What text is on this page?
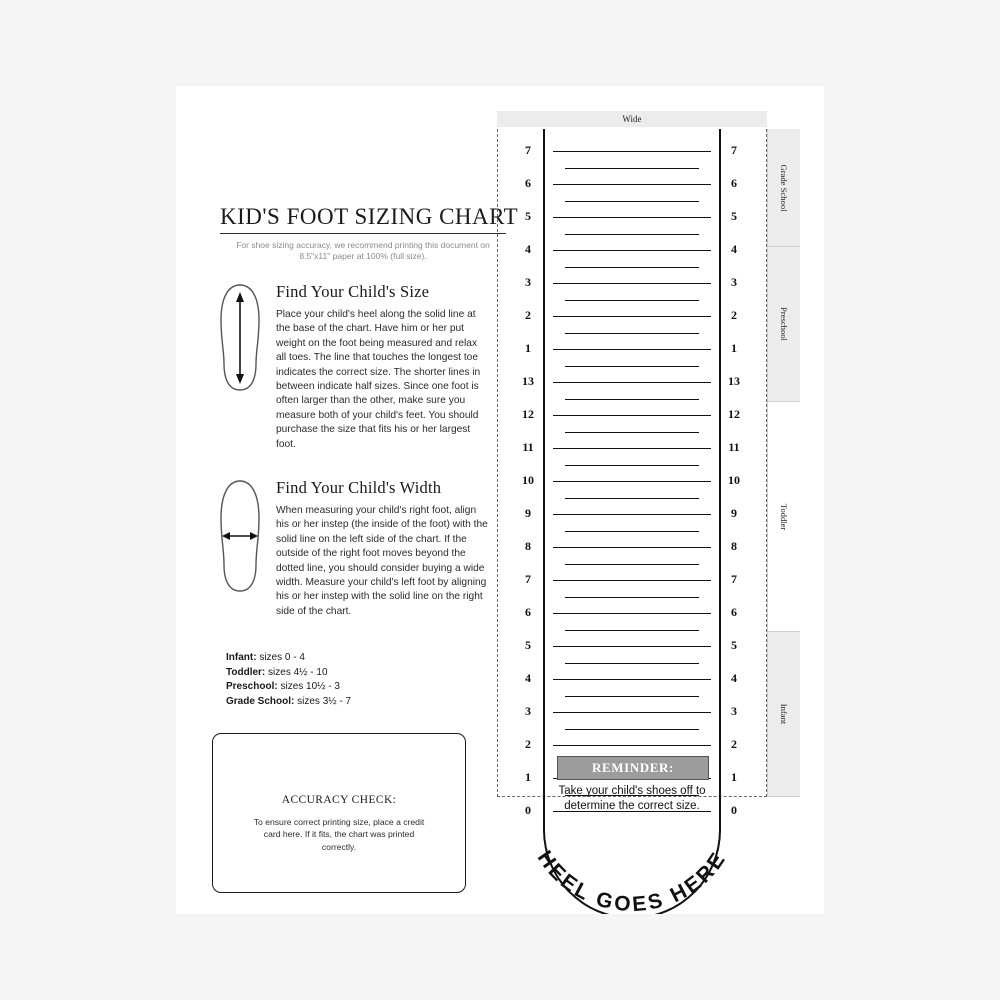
KID'S FOOT SIZING CHART
For shoe sizing accuracy, we recommend printing this document on 8.5"x11" paper at 100% (full size).
Find Your Child's Size
Place your child's heel along the solid line at the base of the chart. Have him or her put weight on the foot being measured and relax all toes. The line that touches the longest toe indicates the correct size. The shorter lines in between indicate half sizes. Since one foot is often larger than the other, make sure you measure both of your child's feet. You should purchase the size that fits his or her largest foot.
Find Your Child's Width
When measuring your child's right foot, align his or her instep (the inside of the foot) with the solid line on the left side of the chart. If the outside of the right foot moves beyond the dotted line, you should consider buying a wide width. Measure your child's left foot by aligning his or her instep with the solid line on the right side of the chart.
Infant: sizes 0 - 4
Toddler: sizes 4½ - 10
Preschool: sizes 10½ - 3
Grade School: sizes 3½ - 7
ACCURACY CHECK:
To ensure correct printing size, place a credit card here. If it fits, the chart was printed correctly.
Wide
Grade School
Preschool
Toddler
Infant
7	7
6	6
5	5
4	4
3	3
2	2
1	1
13	13
12	12
11	11
10	10
9	9
8	8
7	7
6	6
5	5
4	4
3	3
2	2
1	1
0	0
REMINDER:
Take your child's shoes off to determine the correct size.
HEEL GOES HERE
